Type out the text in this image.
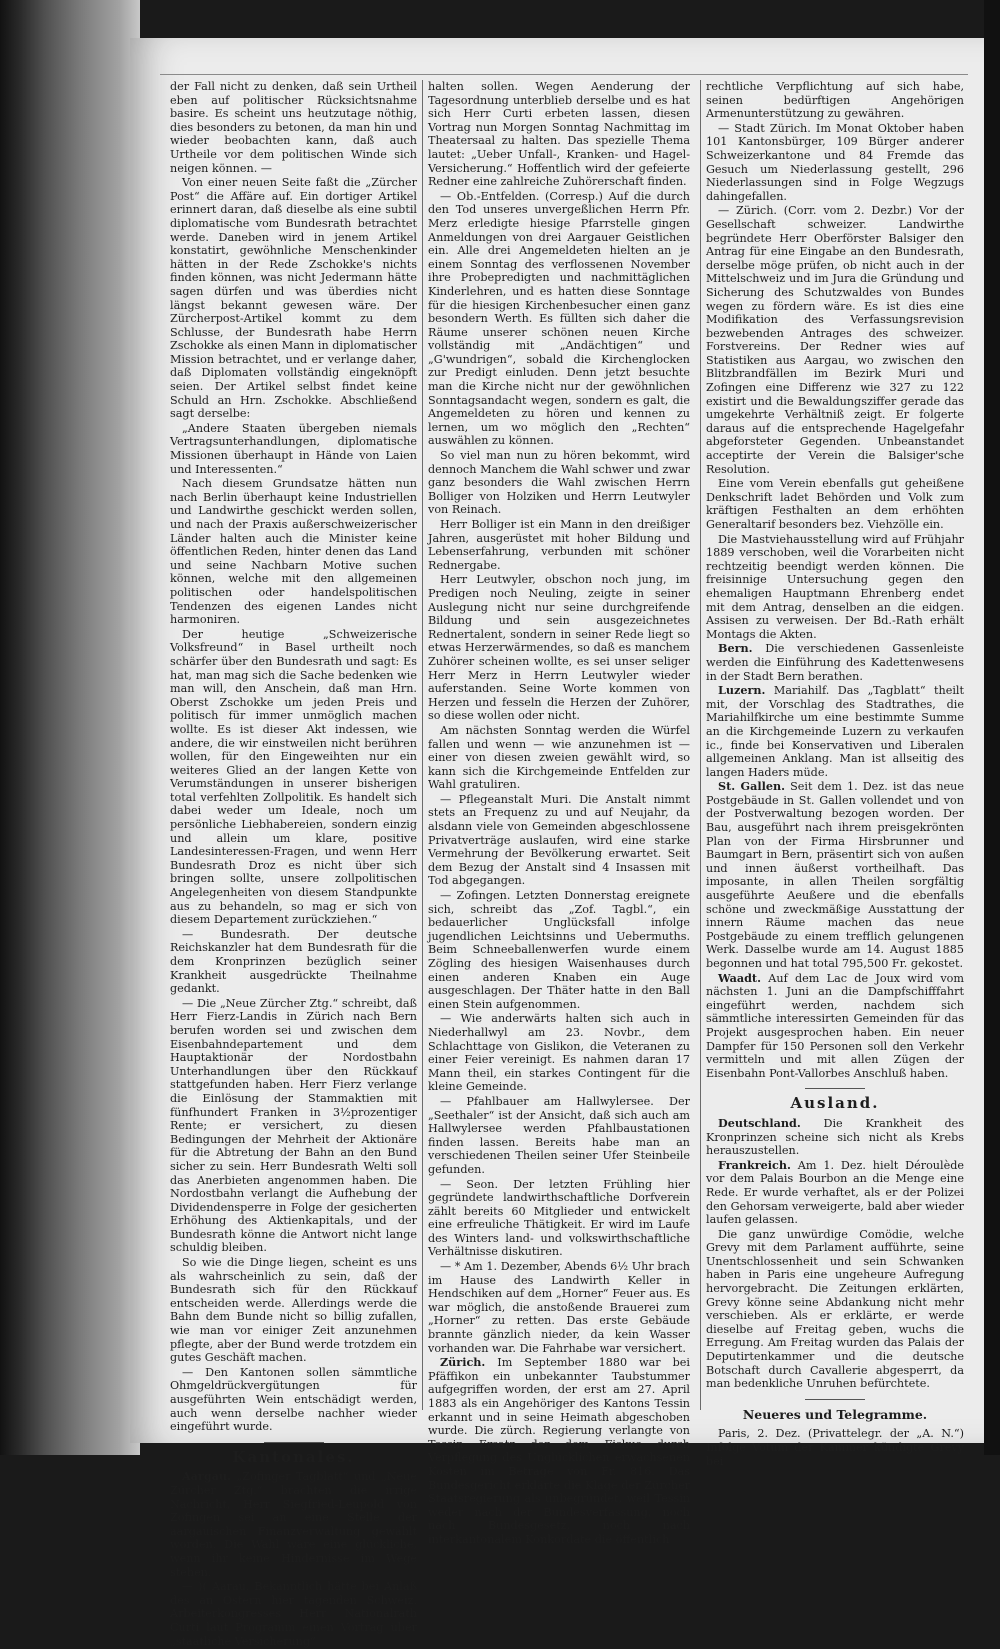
der Fall nicht zu denken, daß sein Urtheil eben auf politischer Rücksichtsnahme basire. Es scheint uns heutzutage nöthig, dies besonders zu betonen, da man hin und wieder beobachten kann, daß auch Urtheile vor dem politischen Winde sich neigen können. —

Von einer neuen Seite faßt die „Zürcher Post“ die Affäre auf. Ein dortiger Artikel erinnert daran, daß dieselbe als eine subtil diplomatische vom Bundesrath betrachtet werde. Daneben wird in jenem Artikel konstatirt, gewöhnliche Menschenkinder hätten in der Rede Zschokke's nichts finden können, was nicht Jedermann hätte sagen dürfen und was überdies nicht längst bekannt gewesen wäre. Der Zürcherpost-Artikel kommt zu dem Schlusse, der Bundesrath habe Herrn Zschokke als einen Mann in diplomatischer Mission betrachtet, und er verlange daher, daß Diplomaten vollständig eingeknöpft seien. Der Artikel selbst findet keine Schuld an Hrn. Zschokke. Abschließend sagt derselbe:

„Andere Staaten übergeben niemals Vertragsunterhandlungen, diplomatische Missionen überhaupt in Hände von Laien und Interessenten.“

Nach diesem Grundsatze hätten nun nach Berlin überhaupt keine Industriellen und Landwirthe geschickt werden sollen, und nach der Praxis außerschweizerischer Länder halten auch die Minister keine öffentlichen Reden, hinter denen das Land und seine Nachbarn Motive suchen können, welche mit den allgemeinen politischen oder handelspolitischen Tendenzen des eigenen Landes nicht harmoniren.

Der heutige „Schweizerische Volksfreund“ in Basel urtheilt noch schärfer über den Bundesrath und sagt: Es hat, man mag sich die Sache bedenken wie man will, den Anschein, daß man Hrn. Oberst Zschokke um jeden Preis und politisch für immer unmöglich machen wollte. Es ist dieser Akt indessen, wie andere, die wir einstweilen nicht berühren wollen, für den Eingeweihten nur ein weiteres Glied an der langen Kette von Verumständungen in unserer bisherigen total verfehlten Zollpolitik. Es handelt sich dabei weder um Ideale, noch um persönliche Liebhabereien, sondern einzig und allein um klare, positive Landesinteressen-Fragen, und wenn Herr Bundesrath Droz es nicht über sich bringen sollte, unsere zollpolitischen Angelegenheiten von diesem Standpunkte aus zu behandeln, so mag er sich von diesem Departement zurückziehen.“

— Bundesrath. Der deutsche Reichskanzler hat dem Bundesrath für die dem Kronprinzen bezüglich seiner Krankheit ausgedrückte Theilnahme gedankt.

— Die „Neue Zürcher Ztg.“ schreibt, daß Herr Fierz-Landis in Zürich nach Bern berufen worden sei und zwischen dem Eisenbahndepartement und dem Hauptaktionär der Nordostbahn Unterhandlungen über den Rückkauf stattgefunden haben. Herr Fierz verlange die Einlösung der Stammaktien mit fünfhundert Franken in 3½prozentiger Rente; er versichert, zu diesen Bedingungen der Mehrheit der Aktionäre für die Abtretung der Bahn an den Bund sicher zu sein. Herr Bundesrath Welti soll das Anerbieten angenommen haben. Die Nordostbahn verlangt die Aufhebung der Dividendensperre in Folge der gesicherten Erhöhung des Aktienkapitals, und der Bundesrath könne die Antwort nicht lange schuldig bleiben.

So wie die Dinge liegen, scheint es uns als wahrscheinlich zu sein, daß der Bundesrath sich für den Rückkauf entscheiden werde. Allerdings werde die Bahn dem Bunde nicht so billig zufallen, wie man vor einiger Zeit anzunehmen pflegte, aber der Bund werde trotzdem ein gutes Geschäft machen.

— Den Kantonen sollen sämmtliche Ohmgeldrückvergütungen für ausgeführten Wein entschädigt werden, auch wenn derselbe nachher wieder eingeführt wurde.

Kantonales.

Aargau. „Zofinger Tagblatt“ und „Neue Zürcher Ztg.“ brachten die irrige Nachricht, Herr Siegfried-Leupold von Zofingen sei an eine Stelle der aargauischen Finanzverwaltung gewählt worden. Die Wahl wäre eine glückliche, wenn ihr keine Hindernisse im Wege stehen.

— )( Aarau. Bekanntlich hätte bei Anlaß des an Ostern hier tagenden Schweiz. Arbeiterkongresses Herr Nationalrath Curti laut Programm einen Vortrag über „staatliche Versicherung“

halten sollen. Wegen Aenderung der Tagesordnung unterblieb derselbe und es hat sich Herr Curti erbeten lassen, diesen Vortrag nun Morgen Sonntag Nachmittag im Theatersaal zu halten. Das spezielle Thema lautet: „Ueber Unfall-, Kranken- und Hagel-Versicherung.“ Hoffentlich wird der gefeierte Redner eine zahlreiche Zuhörerschaft finden.

— Ob.-Entfelden. (Corresp.) Auf die durch den Tod unseres unvergeßlichen Herrn Pfr. Merz erledigte hiesige Pfarrstelle gingen Anmeldungen von drei Aargauer Geistlichen ein. Alle drei Angemeldeten hielten an je einem Sonntag des verflossenen November ihre Probepredigten und nachmittäglichen Kinderlehren, und es hatten diese Sonntage für die hiesigen Kirchenbesucher einen ganz besondern Werth. Es füllten sich daher die Räume unserer schönen neuen Kirche vollständig mit „Andächtigen“ und „G'wundrigen“, sobald die Kirchenglocken zur Predigt einluden. Denn jetzt besuchte man die Kirche nicht nur der gewöhnlichen Sonntagsandacht wegen, sondern es galt, die Angemeldeten zu hören und kennen zu lernen, um wo möglich den „Rechten“ auswählen zu können.

So viel man nun zu hören bekommt, wird dennoch Manchem die Wahl schwer und zwar ganz besonders die Wahl zwischen Herrn Bolliger von Holziken und Herrn Leutwyler von Reinach.

Herr Bolliger ist ein Mann in den dreißiger Jahren, ausgerüstet mit hoher Bildung und Lebenserfahrung, verbunden mit schöner Rednergabe.

Herr Leutwyler, obschon noch jung, im Predigen noch Neuling, zeigte in seiner Auslegung nicht nur seine durchgreifende Bildung und sein ausgezeichnetes Rednertalent, sondern in seiner Rede liegt so etwas Herzerwärmendes, so daß es manchem Zuhörer scheinen wollte, es sei unser seliger Herr Merz in Herrn Leutwyler wieder auferstanden. Seine Worte kommen von Herzen und fesseln die Herzen der Zuhörer, so diese wollen oder nicht.

Am nächsten Sonntag werden die Würfel fallen und wenn — wie anzunehmen ist — einer von diesen zweien gewählt wird, so kann sich die Kirchgemeinde Entfelden zur Wahl gratuliren.

— Pflegeanstalt Muri. Die Anstalt nimmt stets an Frequenz zu und auf Neujahr, da alsdann viele von Gemeinden abgeschlossene Privatverträge auslaufen, wird eine starke Vermehrung der Bevölkerung erwartet. Seit dem Bezug der Anstalt sind 4 Insassen mit Tod abgegangen.

— Zofingen. Letzten Donnerstag ereignete sich, schreibt das „Zof. Tagbl.“, ein bedauerlicher Unglücksfall infolge jugendlichen Leichtsinns und Uebermuths. Beim Schneeballenwerfen wurde einem Zögling des hiesigen Waisenhauses durch einen anderen Knaben ein Auge ausgeschlagen. Der Thäter hatte in den Ball einen Stein aufgenommen.

— Wie anderwärts halten sich auch in Niederhallwyl am 23. Novbr., dem Schlachttage von Gislikon, die Veteranen zu einer Feier vereinigt. Es nahmen daran 17 Mann theil, ein starkes Contingent für die kleine Gemeinde.

— Pfahlbauer am Hallwylersee. Der „Seethaler“ ist der Ansicht, daß sich auch am Hallwylersee werden Pfahlbaustationen finden lassen. Bereits habe man an verschiedenen Theilen seiner Ufer Steinbeile gefunden.

— Seon. Der letzten Frühling hier gegründete landwirthschaftliche Dorfverein zählt bereits 60 Mitglieder und entwickelt eine erfreuliche Thätigkeit. Er wird im Laufe des Winters land- und volkswirthschaftliche Verhältnisse diskutiren.

— * Am 1. Dezember, Abends 6½ Uhr brach im Hause des Landwirth Keller in Hendschiken auf dem „Horner“ Feuer aus. Es war möglich, die anstoßende Brauerei zum „Horner“ zu retten. Das erste Gebäude brannte gänzlich nieder, da kein Wasser vorhanden war. Die Fahrhabe war versichert.

Zürich. Im September 1880 war bei Pfäffikon ein unbekannter Taubstummer aufgegriffen worden, der erst am 27. April 1883 als ein Angehöriger des Kantons Tessin erkannt und in seine Heimath abgeschoben wurde. Die zürch. Regierung verlangte von Tessin Ersatz der dem Fiskus durch Verpflegung des Unglücklichen erwachsenen Kosten im Betrage von Fr. 816. Das Bundesgericht erklärte die Klage der Zürcher Staatsregierung als unbegründet, weil Tessin weder nach der Bundesverfassung, noch nach Bundesgesetz, noch nach interkantonalem Konkordate die öffentlich

rechtliche Verpflichtung auf sich habe, seinen bedürftigen Angehörigen Armenunterstützung zu gewähren.

— Stadt Zürich. Im Monat Oktober haben 101 Kantonsbürger, 109 Bürger anderer Schweizerkantone und 84 Fremde das Gesuch um Niederlassung gestellt, 296 Niederlassungen sind in Folge Wegzugs dahingefallen.

— Zürich. (Corr. vom 2. Dezbr.) Vor der Gesellschaft schweizer. Landwirthe begründete Herr Oberförster Balsiger den Antrag für eine Eingabe an den Bundesrath, derselbe möge prüfen, ob nicht auch in der Mittelschweiz und im Jura die Gründung und Sicherung des Schutzwaldes von Bundes wegen zu fördern wäre. Es ist dies eine Modifikation des Verfassungsrevision bezwebenden Antrages des schweizer. Forstvereins. Der Redner wies auf Statistiken aus Aargau, wo zwischen den Blitzbrandfällen im Bezirk Muri und Zofingen eine Differenz wie 327 zu 122 existirt und die Bewaldungsziffer gerade das umgekehrte Verhältniß zeigt. Er folgerte daraus auf die entsprechende Hagelgefahr abgeforsteter Gegenden. Unbeanstandet acceptirte der Verein die Balsiger'sche Resolution.

Eine vom Verein ebenfalls gut geheißene Denkschrift ladet Behörden und Volk zum kräftigen Festhalten an dem erhöhten Generaltarif besonders bez. Viehzölle ein.

Die Mastviehausstellung wird auf Frühjahr 1889 verschoben, weil die Vorarbeiten nicht rechtzeitig beendigt werden können. Die freisinnige Untersuchung gegen den ehemaligen Hauptmann Ehrenberg endet mit dem Antrag, denselben an die eidgen. Assisen zu verweisen. Der Bd.-Rath erhält Montags die Akten.

Bern. Die verschiedenen Gassenleiste werden die Einführung des Kadettenwesens in der Stadt Bern berathen.

Luzern. Mariahilf. Das „Tagblatt“ theilt mit, der Vorschlag des Stadtrathes, die Mariahilfkirche um eine bestimmte Summe an die Kirchgemeinde Luzern zu verkaufen ic., finde bei Konservativen und Liberalen allgemeinen Anklang. Man ist allseitig des langen Haders müde.

St. Gallen. Seit dem 1. Dez. ist das neue Postgebäude in St. Gallen vollendet und von der Postverwaltung bezogen worden. Der Bau, ausgeführt nach ihrem preisgekrönten Plan von der Firma Hirsbrunner und Baumgart in Bern, präsentirt sich von außen und innen äußerst vortheilhaft. Das imposante, in allen Theilen sorgfältig ausgeführte Aeußere und die ebenfalls schöne und zweckmäßige Ausstattung der innern Räume machen das neue Postgebäude zu einem trefflich gelungenen Werk. Dasselbe wurde am 14. August 1885 begonnen und hat total 795,500 Fr. gekostet.

Waadt. Auf dem Lac de Joux wird vom nächsten 1. Juni an die Dampfschifffahrt eingeführt werden, nachdem sich sämmtliche interessirten Gemeinden für das Projekt ausgesprochen haben. Ein neuer Dampfer für 150 Personen soll den Verkehr vermitteln und mit allen Zügen der Eisenbahn Pont-Vallorbes Anschluß haben.

Ausland.

Deutschland. Die Krankheit des Kronprinzen scheine sich nicht als Krebs herauszustellen.

Frankreich. Am 1. Dez. hielt Déroulède vor dem Palais Bourbon an die Menge eine Rede. Er wurde verhaftet, als er der Polizei den Gehorsam verweigerte, bald aber wieder laufen gelassen.

Die ganz unwürdige Comödie, welche Grevy mit dem Parlament aufführte, seine Unentschlossenheit und sein Schwanken haben in Paris eine ungeheure Aufregung hervorgebracht. Die Zeitungen erklärten, Grevy könne seine Abdankung nicht mehr verschieben. Als er erklärte, er werde dieselbe auf Freitag geben, wuchs die Erregung. Am Freitag wurden das Palais der Deputirtenkammer und die deutsche Botschaft durch Cavallerie abgesperrt, da man bedenkliche Unruhen befürchtete.

Neueres und Telegramme.

Paris, 2. Dez. (Privattelegr. der „A. N.“) Infolge Votum der Kammer kündigte Grevy bei
